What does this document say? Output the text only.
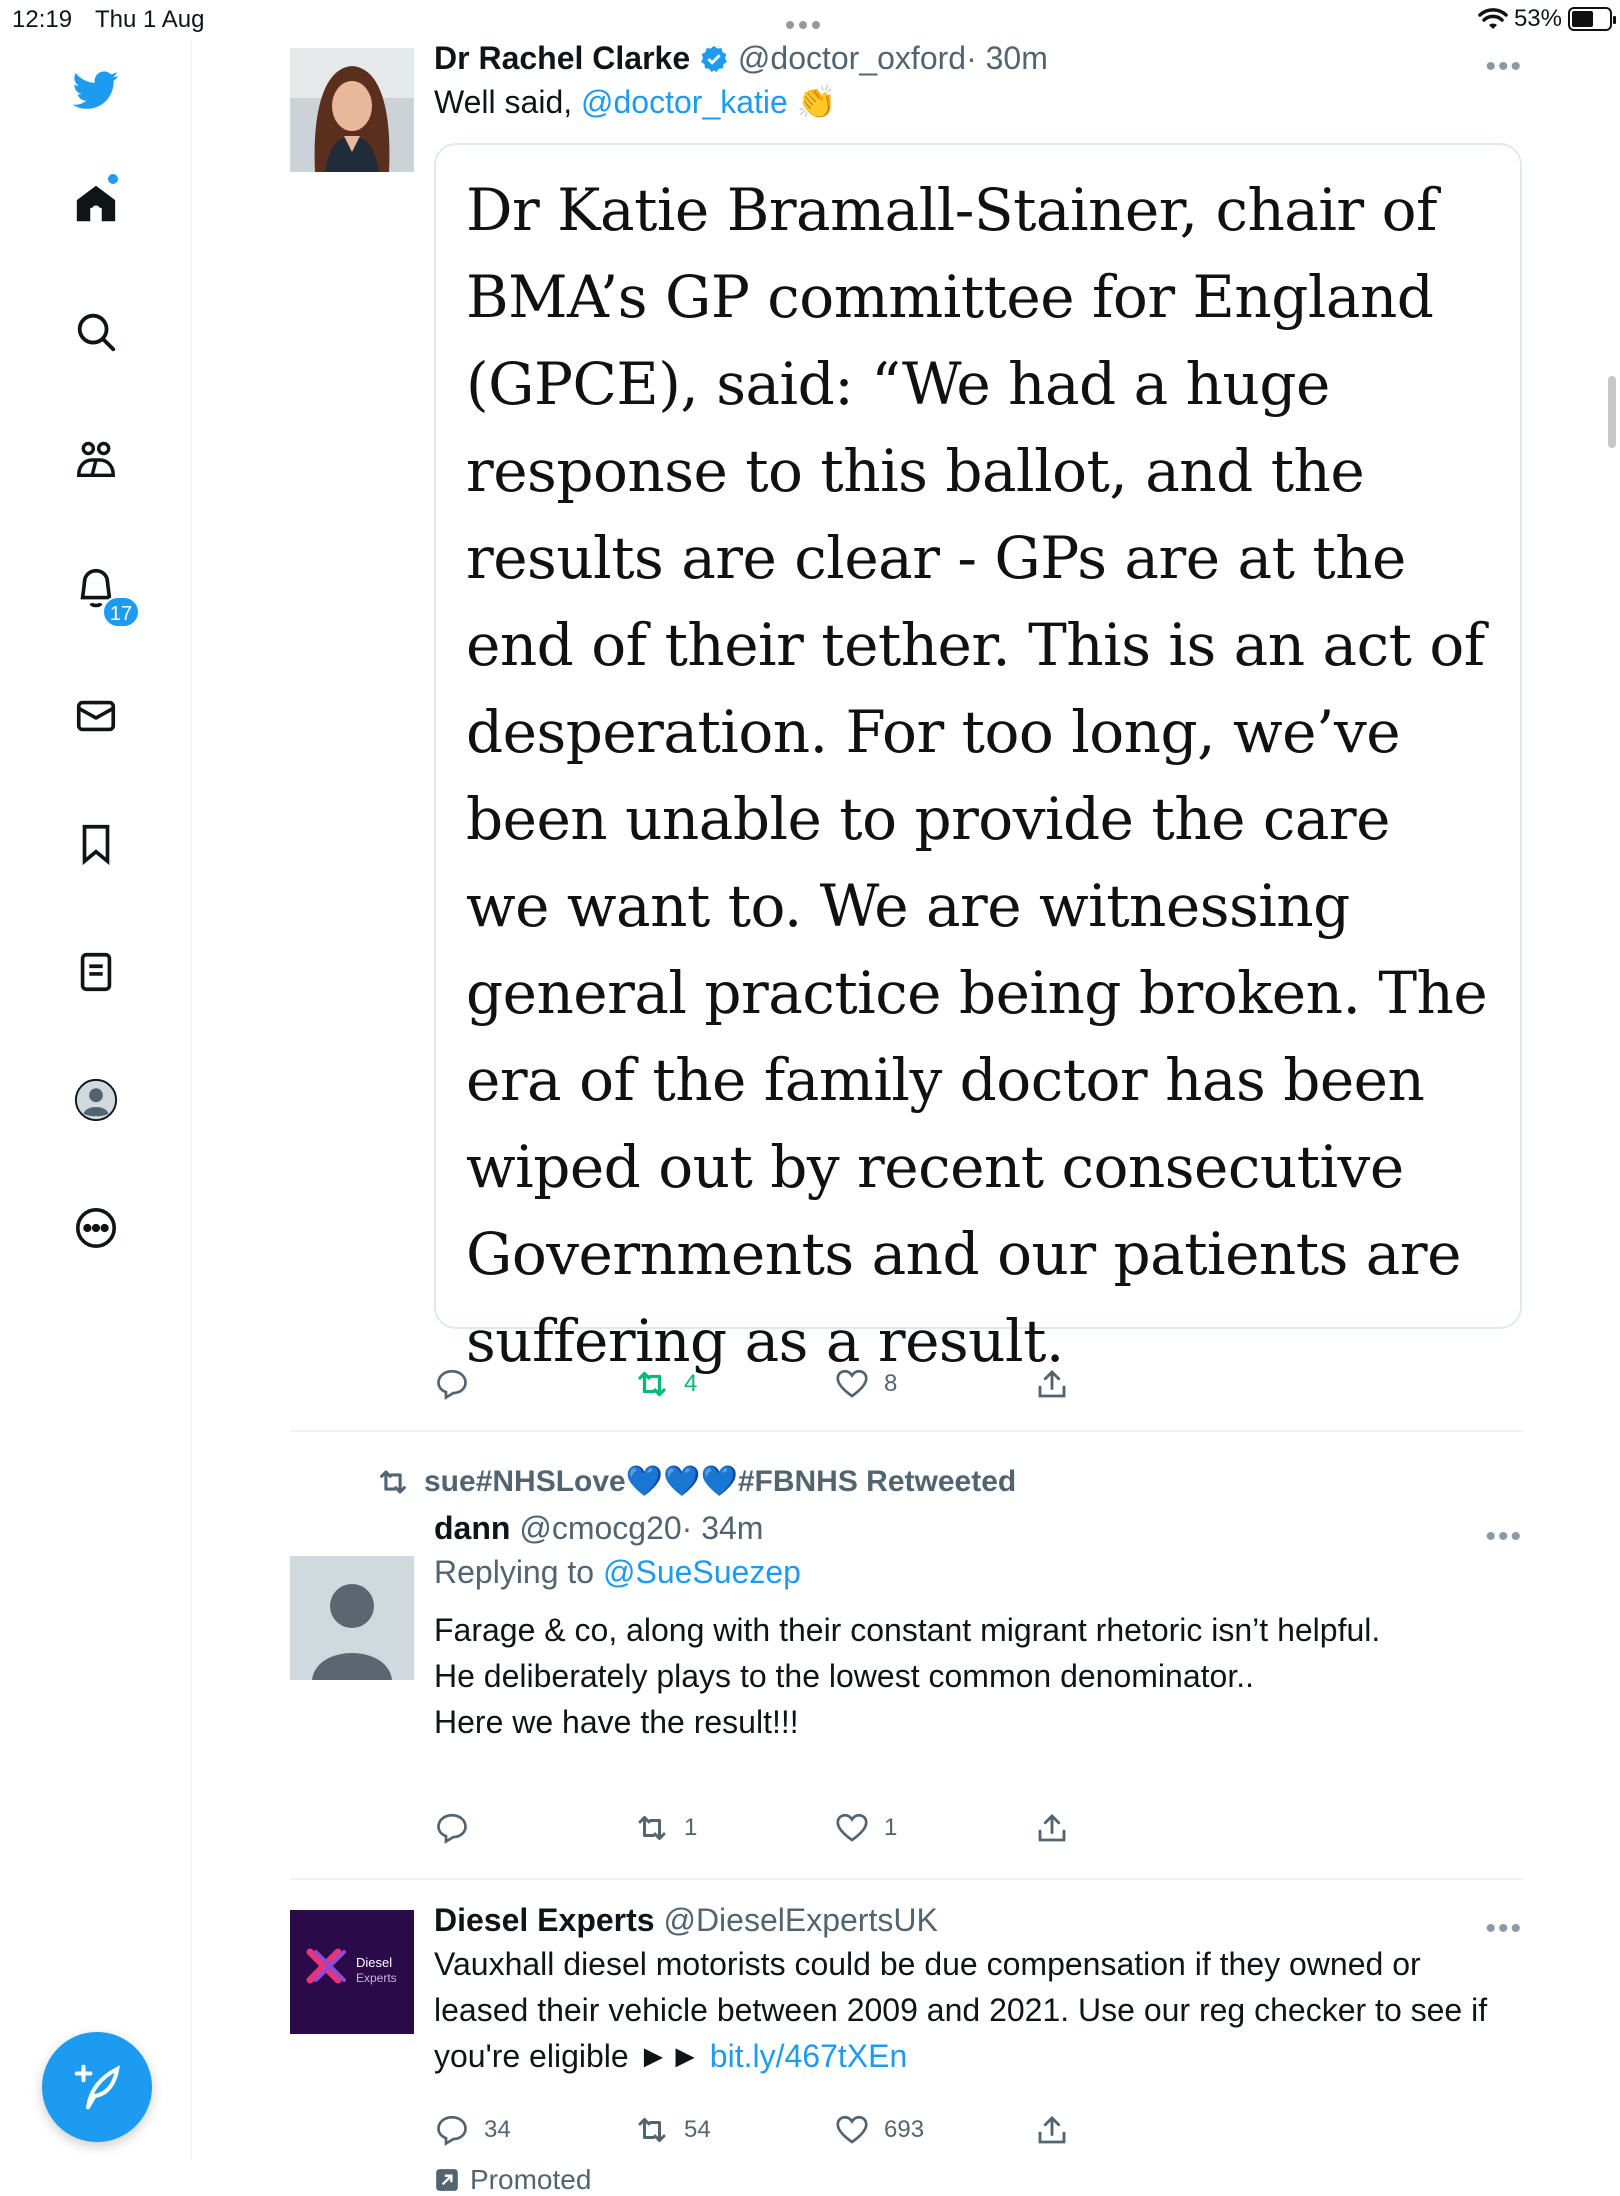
12:19 Thu 1 Aug	53%
17
Dr Rachel Clarke @doctor_oxford· 30m	•••
Well said, @doctor_katie 👏

Dr Katie Bramall-Stainer, chair of BMA’s GP committee for England (GPCE), said: “We had a huge response to this ballot, and the results are clear - GPs are at the end of their tether. This is an act of desperation. For too long, we’ve been unable to provide the care we want to. We are witnessing general practice being broken. The era of the family doctor has been wiped out by recent consecutive Governments and our patients are suffering as a result.

4	8
sue#NHSLove💙💙💙#FBNHS Retweeted
dann @cmocg20· 34m	•••
Replying to @SueSuezep
Farage & co, along with their constant migrant rhetoric isn’t helpful.
He deliberately plays to the lowest common denominator..
Here we have the result!!!
1	1
Diesel
Experts
Diesel Experts @DieselExpertsUK	•••
Vauxhall diesel motorists could be due compensation if they owned or leased their vehicle between 2009 and 2021. Use our reg checker to see if you're eligible ►► bit.ly/467tXEn
34	54	693
Promoted
